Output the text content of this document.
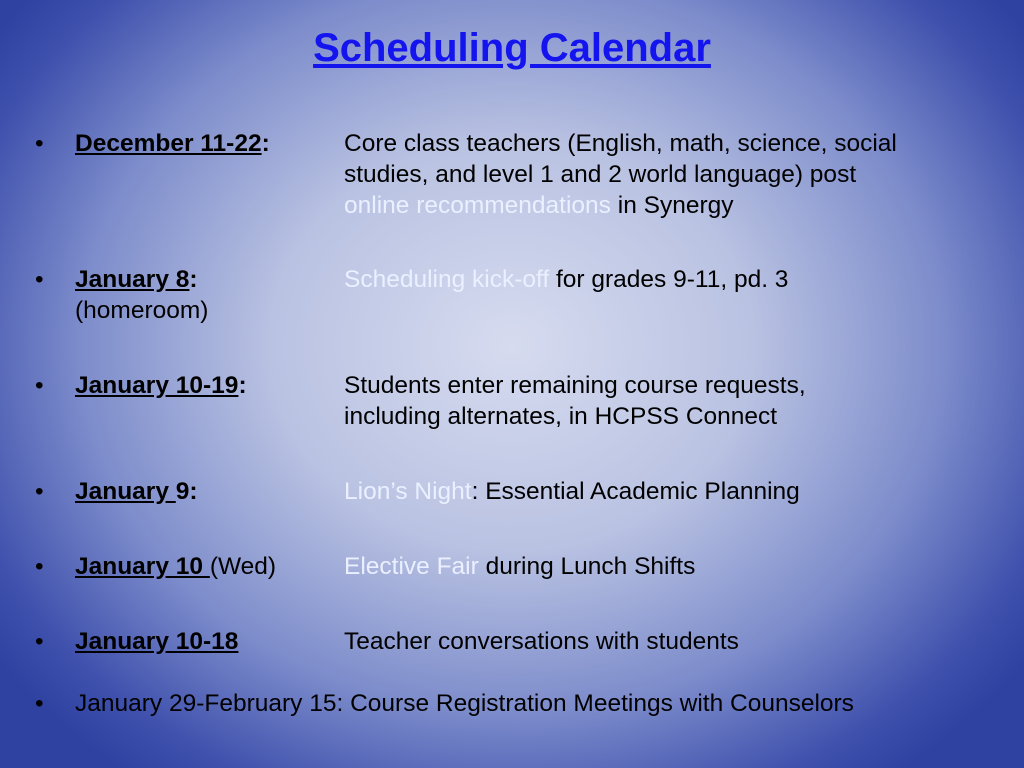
Scheduling Calendar
• December 11-22:	Core class teachers (English, math, science, social
studies, and level 1 and 2 world language) post
online recommendations in Synergy
• January 8:	Scheduling kick-off for grades 9-11, pd. 3
(homeroom)
• January 10-19:	Students enter remaining course requests,
including alternates, in HCPSS Connect
• January 9:	Lion’s Night: Essential Academic Planning
• January 10 (Wed)	Elective Fair during Lunch Shifts
• January 10-18	Teacher conversations with students
• January 29-February 15: Course Registration Meetings with Counselors
